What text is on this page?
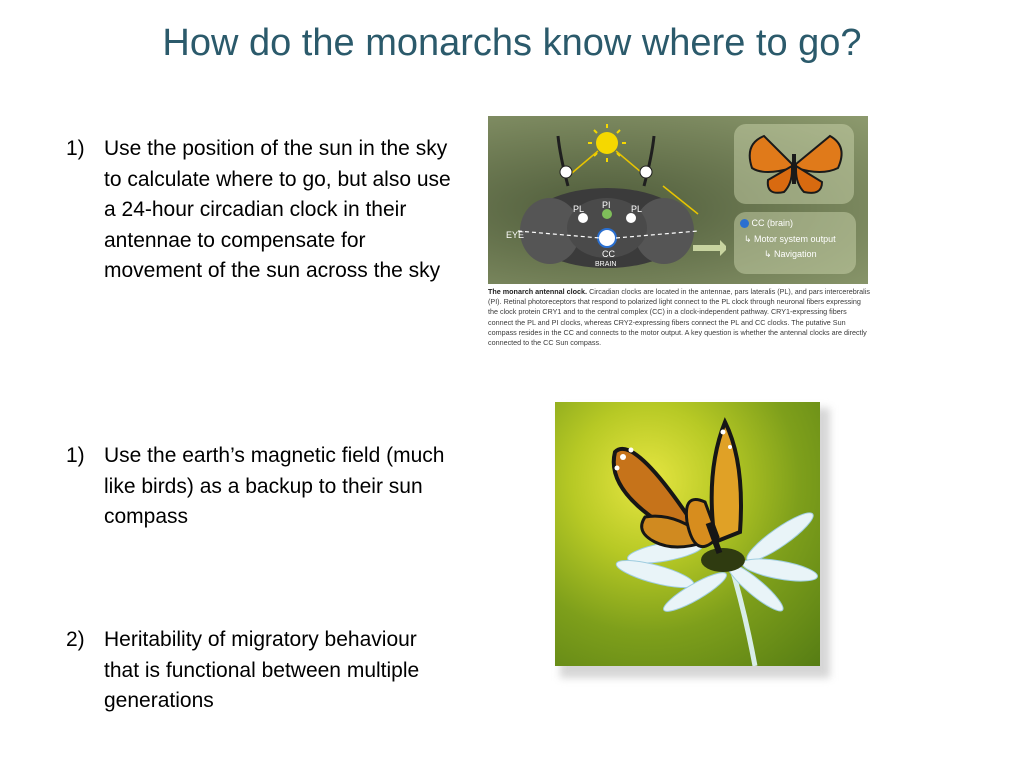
How do the monarchs know where to go?
1) Use the position of the sun in the sky to calculate where to go, but also use a 24-hour circadian clock in their antennae to compensate for movement of the sun across the sky
1) Use the earth’s magnetic field (much like birds) as a backup to their sun compass
2) Heritability of migratory behaviour that is functional between multiple generations
EYE
PL	PL
PI
CC
BRAIN
CC (brain)
↳ Motor system output
↳ Navigation
The monarch antennal clock. Circadian clocks are located in the antennae, pars lateralis (PL), and pars intercerebralis (PI). Retinal photoreceptors that respond to polarized light connect to the PL clock through neuronal fibers expressing the clock protein CRY1 and to the central complex (CC) in a clock-independent pathway. CRY1-expressing fibers connect the PL and PI clocks, whereas CRY2-expressing fibers connect the PL and CC clocks. The putative Sun compass resides in the CC and connects to the motor output. A key question is whether the antennal clocks are directly connected to the CC Sun compass.
